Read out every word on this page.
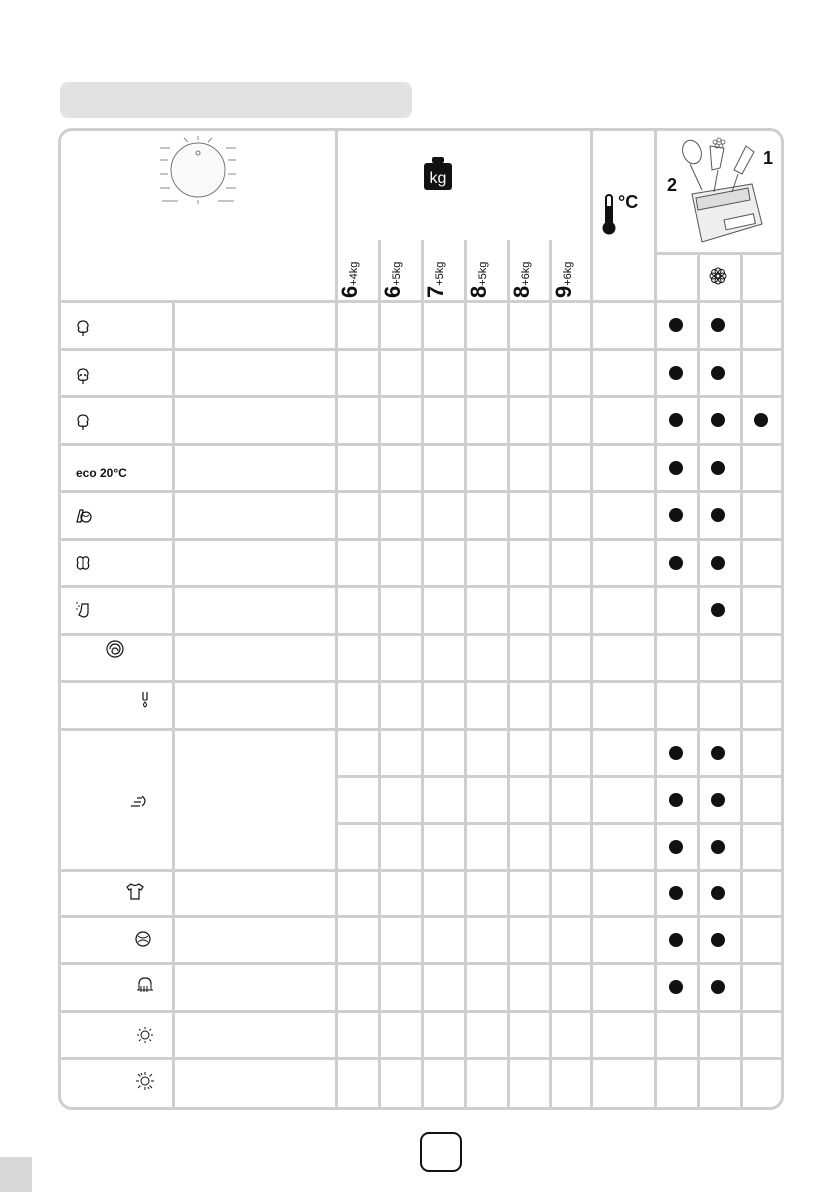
kg
6+4kg
6+5kg
7+5kg
8+5kg
8+6kg
9+6kg
°C
1
2
eco 20°C
